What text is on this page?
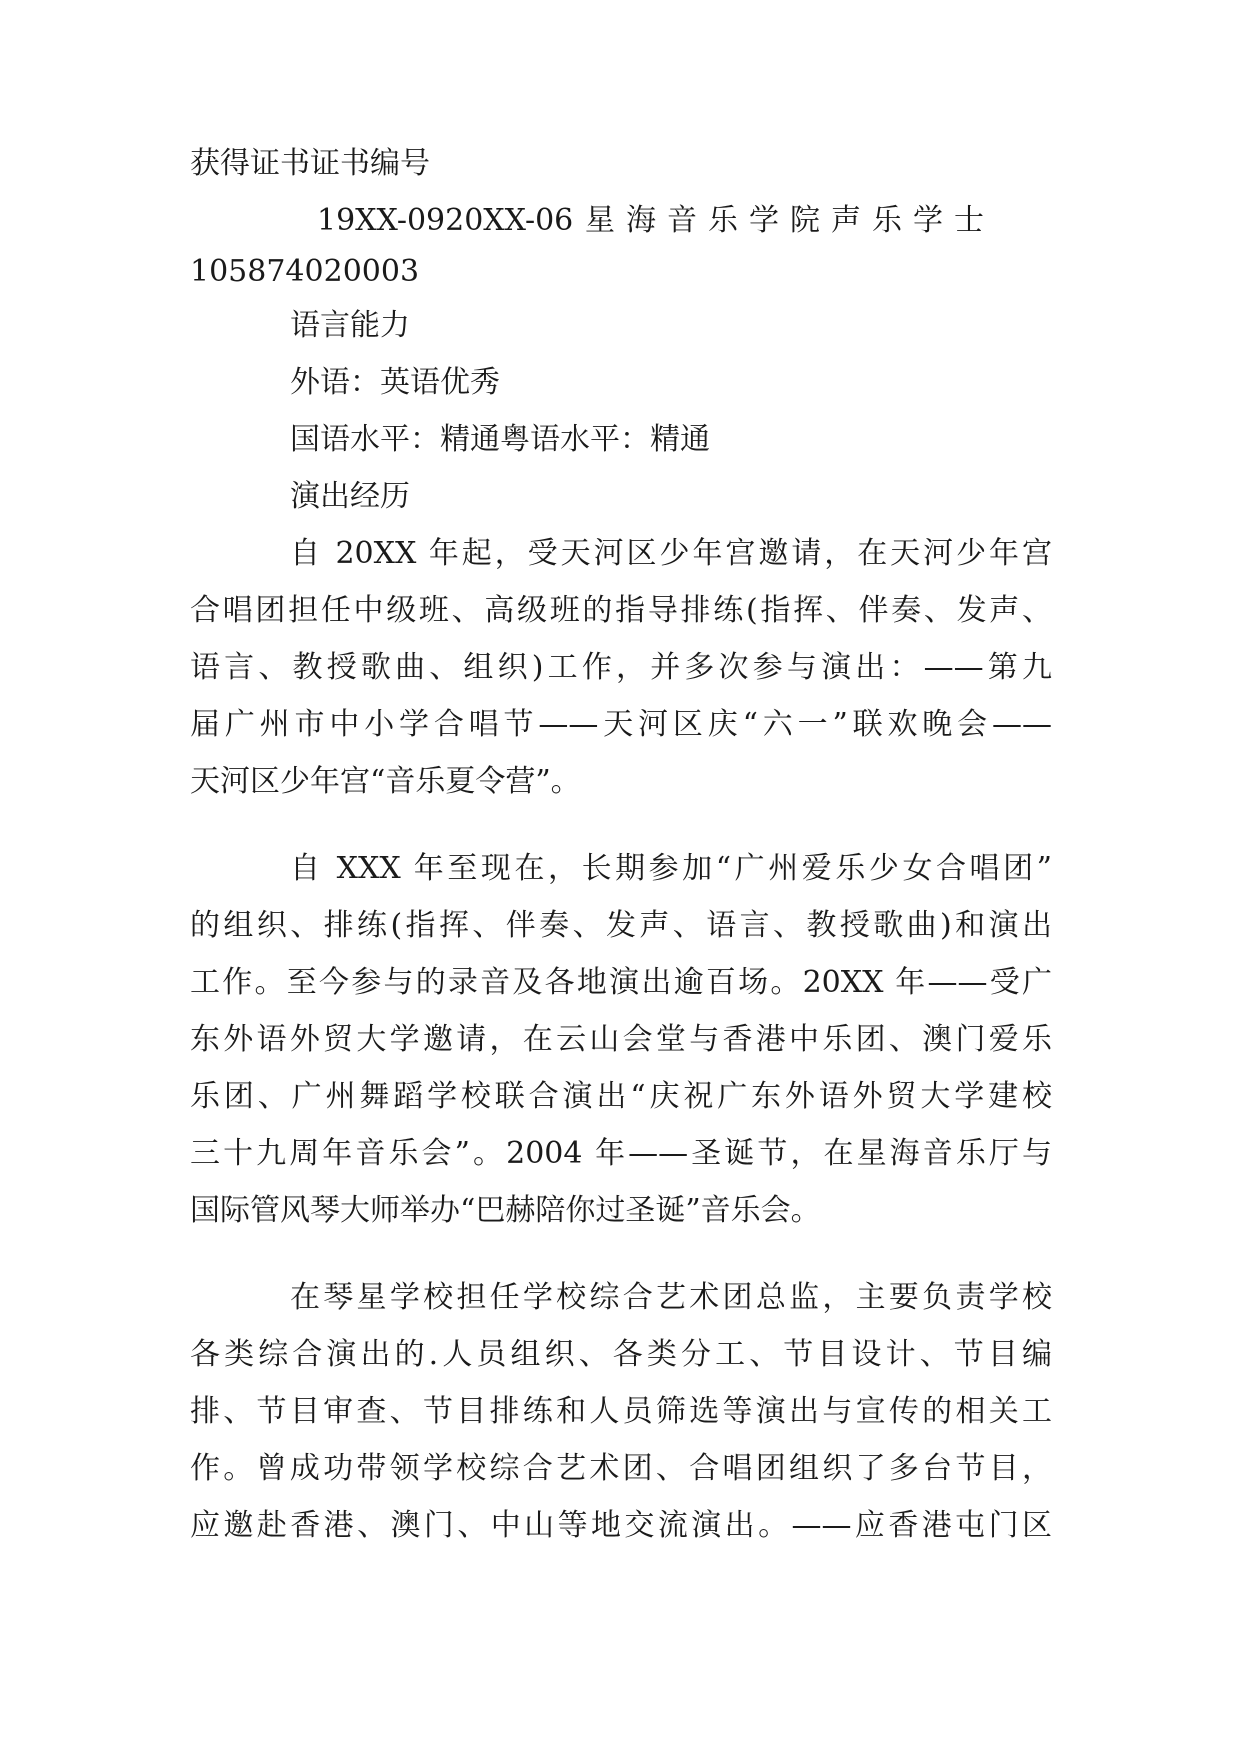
获得证书证书编号
19XX-0920XX-06 星海音乐学院声乐学士
105874020003
语言能力
外语：英语优秀
国语水平：精通粤语水平：精通
演出经历
自 20XX 年起，受天河区少年宫邀请，在天河少年宫
合唱团担任中级班、高级班的指导排练(指挥、伴奏、发声、
语言、教授歌曲、组织)工作，并多次参与演出：——第九
届广州市中小学合唱节——天河区庆“六一”联欢晚会——
天河区少年宫“音乐夏令营”。
自 XXX 年至现在，长期参加“广州爱乐少女合唱团”
的组织、排练(指挥、伴奏、发声、语言、教授歌曲)和演出
工作。至今参与的录音及各地演出逾百场。20XX 年——受广
东外语外贸大学邀请，在云山会堂与香港中乐团、澳门爱乐
乐团、广州舞蹈学校联合演出“庆祝广东外语外贸大学建校
三十九周年音乐会”。2004 年——圣诞节，在星海音乐厅与
国际管风琴大师举办“巴赫陪你过圣诞”音乐会。
在琴星学校担任学校综合艺术团总监，主要负责学校
各类综合演出的.人员组织、各类分工、节目设计、节目编
排、节目审查、节目排练和人员筛选等演出与宣传的相关工
作。曾成功带领学校综合艺术团、合唱团组织了多台节目，
应邀赴香港、澳门、中山等地交流演出。——应香港屯门区
